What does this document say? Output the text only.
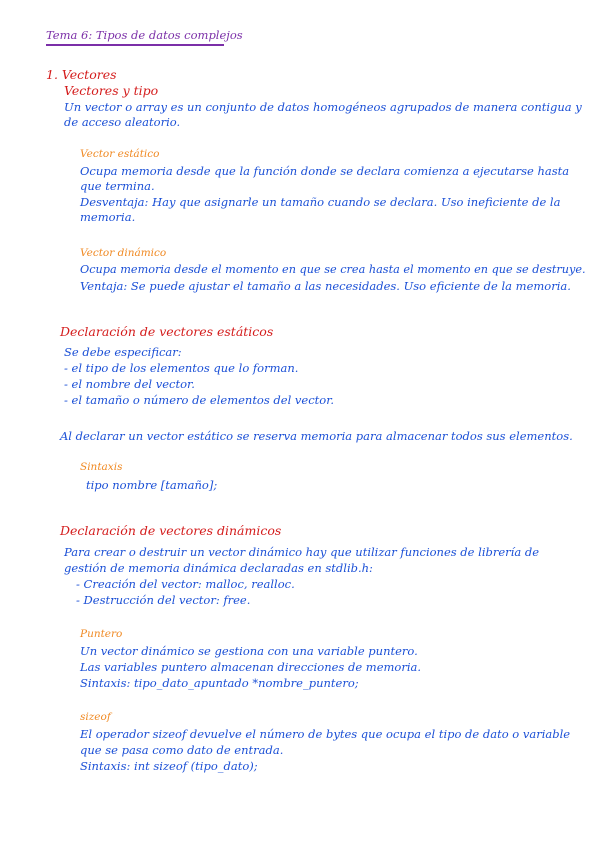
Tema 6: Tipos de datos complejos
1. Vectores
Vectores y tipo
Un vector o array es un conjunto de datos homogéneos agrupados de manera contigua y
de acceso aleatorio.
Vector estático
Ocupa memoria desde que la función donde se declara comienza a ejecutarse hasta
que termina.
Desventaja: Hay que asignarle un tamaño cuando se declara. Uso ineficiente de la
memoria.
Vector dinámico
Ocupa memoria desde el momento en que se crea hasta el momento en que se destruye.
Ventaja: Se puede ajustar el tamaño a las necesidades. Uso eficiente de la memoria.
Declaración de vectores estáticos
Se debe especificar:
- el tipo de los elementos que lo forman.
- el nombre del vector.
- el tamaño o número de elementos del vector.
Al declarar un vector estático se reserva memoria para almacenar todos sus elementos.
Sintaxis
tipo nombre [tamaño];
Declaración de vectores dinámicos
Para crear o destruir un vector dinámico hay que utilizar funciones de librería de
gestión de memoria dinámica declaradas en stdlib.h:
- Creación del vector: malloc, realloc.
- Destrucción del vector: free.
Puntero
Un vector dinámico se gestiona con una variable puntero.
Las variables puntero almacenan direcciones de memoria.
Sintaxis: tipo_dato_apuntado *nombre_puntero;
sizeof
El operador sizeof devuelve el número de bytes que ocupa el tipo de dato o variable
que se pasa como dato de entrada.
Sintaxis: int sizeof (tipo_dato);
